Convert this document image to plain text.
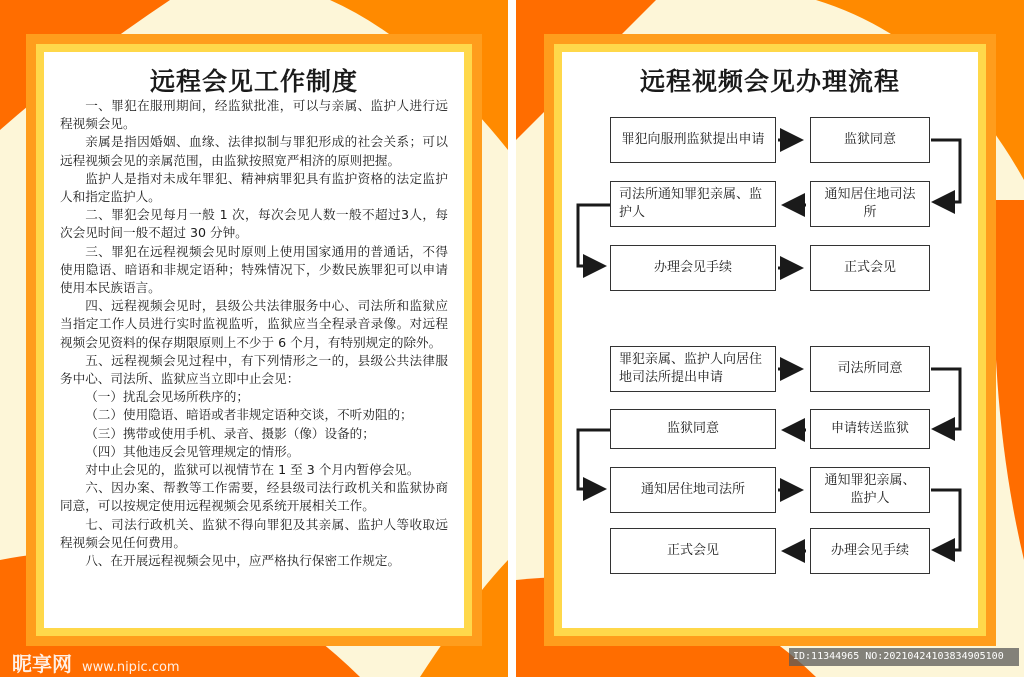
远程会见工作制度

一、罪犯在服刑期间，经监狱批准，可以与亲属、监护人进行远程视频会见。

亲属是指因婚姻、血缘、法律拟制与罪犯形成的社会关系；可以远程视频会见的亲属范围，由监狱按照宽严相济的原则把握。

监护人是指对未成年罪犯、精神病罪犯具有监护资格的法定监护人和指定监护人。

二、罪犯会见每月一般 1 次，每次会见人数一般不超过3人，每次会见时间一般不超过 30 分钟。

三、罪犯在远程视频会见时原则上使用国家通用的普通话，不得使用隐语、暗语和非规定语种；特殊情况下，少数民族罪犯可以申请使用本民族语言。

四、远程视频会见时，县级公共法律服务中心、司法所和监狱应当指定工作人员进行实时监视监听，监狱应当全程录音录像。对远程视频会见资料的保存期限原则上不少于 6 个月，有特别规定的除外。

五、远程视频会见过程中，有下列情形之一的，县级公共法律服务中心、司法所、监狱应当立即中止会见：

（一）扰乱会见场所秩序的；

（二）使用隐语、暗语或者非规定语种交谈，不听劝阻的；

（三）携带或使用手机、录音、摄影（像）设备的；

（四）其他违反会见管理规定的情形。

对中止会见的，监狱可以视情节在 1 至 3 个月内暂停会见。

六、因办案、帮教等工作需要，经县级司法行政机关和监狱协商同意，可以按规定使用远程视频会见系统开展相关工作。

七、司法行政机关、监狱不得向罪犯及其亲属、监护人等收取远程视频会见任何费用。

八、在开展远程视频会见中，应严格执行保密工作规定。

昵享网 www.nipic.com
远程视频会见办理流程
罪犯向服刑监狱提出申请	监狱同意
司法所通知罪犯亲属、监护人
通知居住地司法所
办理会见手续	正式会见
罪犯亲属、监护人向居住地司法所提出申请
司法所同意
监狱同意	申请转送监狱
通知居住地司法所
通知罪犯亲属、监护人
正式会见	办理会见手续
ID:11344965 NO:20210424103834905100
